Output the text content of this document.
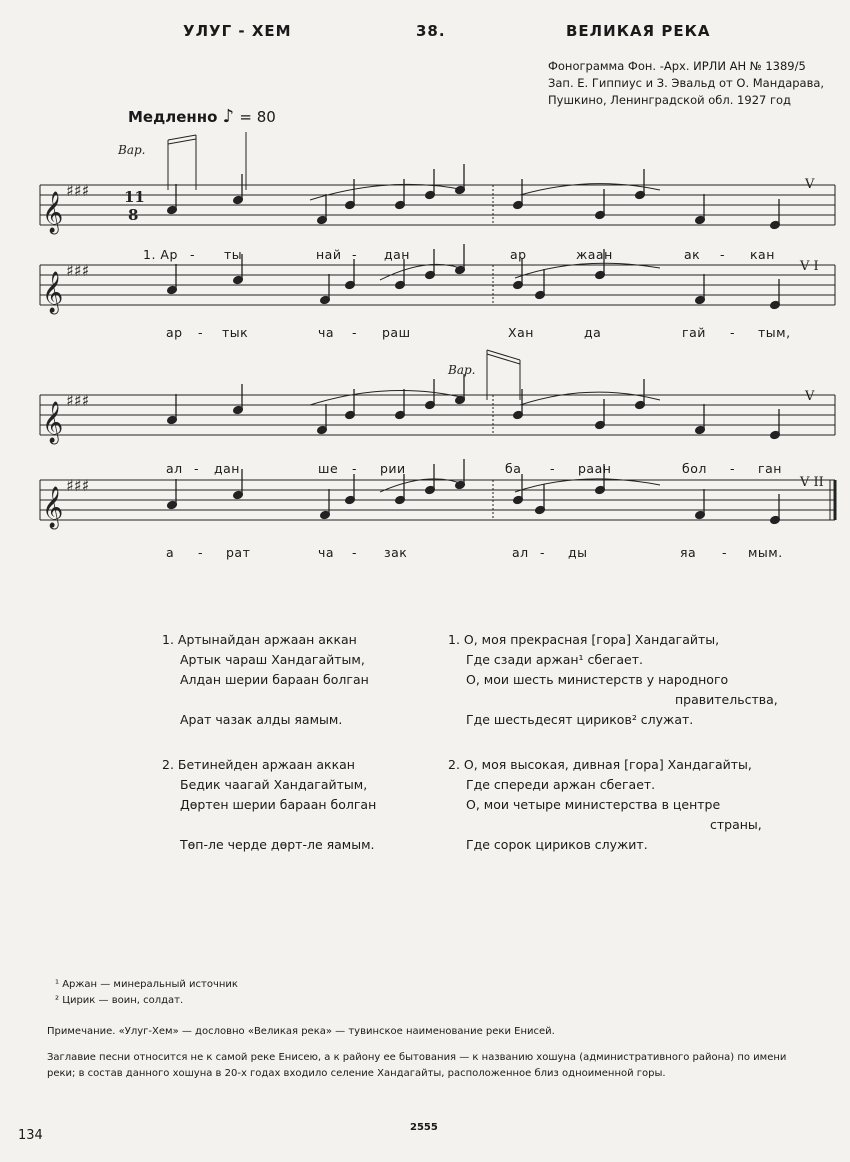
УЛУГ - ХЕМ	38.	ВЕЛИКАЯ РЕКА
Фонограмма Фон. -Арх. ИРЛИ АН № 1389/5
Зап. Е. Гиппиус и З. Эвальд от О. Мандарава,
Пушкино, Ленинградской обл. 1927 год
Медленно ♪ = 80
𝄞
𝄞
𝄞
𝄞
♯♯♯
♯♯♯
♯♯♯
♯♯♯
11
8
Вар.
Вар.
V
V I
V
V II
1. Ар - ты	най - дан	ар	жаан	ак - кан
ар - тык	ча - раш	Хан	да	гай - тым,
ал - дан	ше - рии	ба - раан	бол - ган
а - рат	ча - зак	ал - ды	яа - мым.
1. Артынайдан аржаан аккан
Артык чараш Хандагайтым,
Алдан шерии бараан болган
Арат чазак алды яамым.
1. О, моя прекрасная [гора] Хандагайты,
Где сзади аржан¹ сбегает.
О, мои шесть министерств у народного
правительства,
Где шестьдесят цириков² служат.
2. Бетинейден аржаан аккан
Бедик чаагай Хандагайтым,
Дөртен шерии бараан болган
Төп-ле черде дөрт-ле яамым.
2. О, моя высокая, дивная [гора] Хандагайты,
Где спереди аржан сбегает.
О, мои четыре министерства в центре
страны,
Где сорок цириков служит.
¹ Аржан — минеральный источник
² Цирик — воин, солдат.
Примечание. «Улуг-Хем» — дословно «Великая река» — тувинское наименование реки Енисей.
Заглавие песни относится не к самой реке Енисею, а к району ее бытования — к названию хошуна (административного района) по имени реки; в состав данного хошуна в 20-х годах входило селение Хандагайты, расположенное близ одноименной горы.
134
2555
